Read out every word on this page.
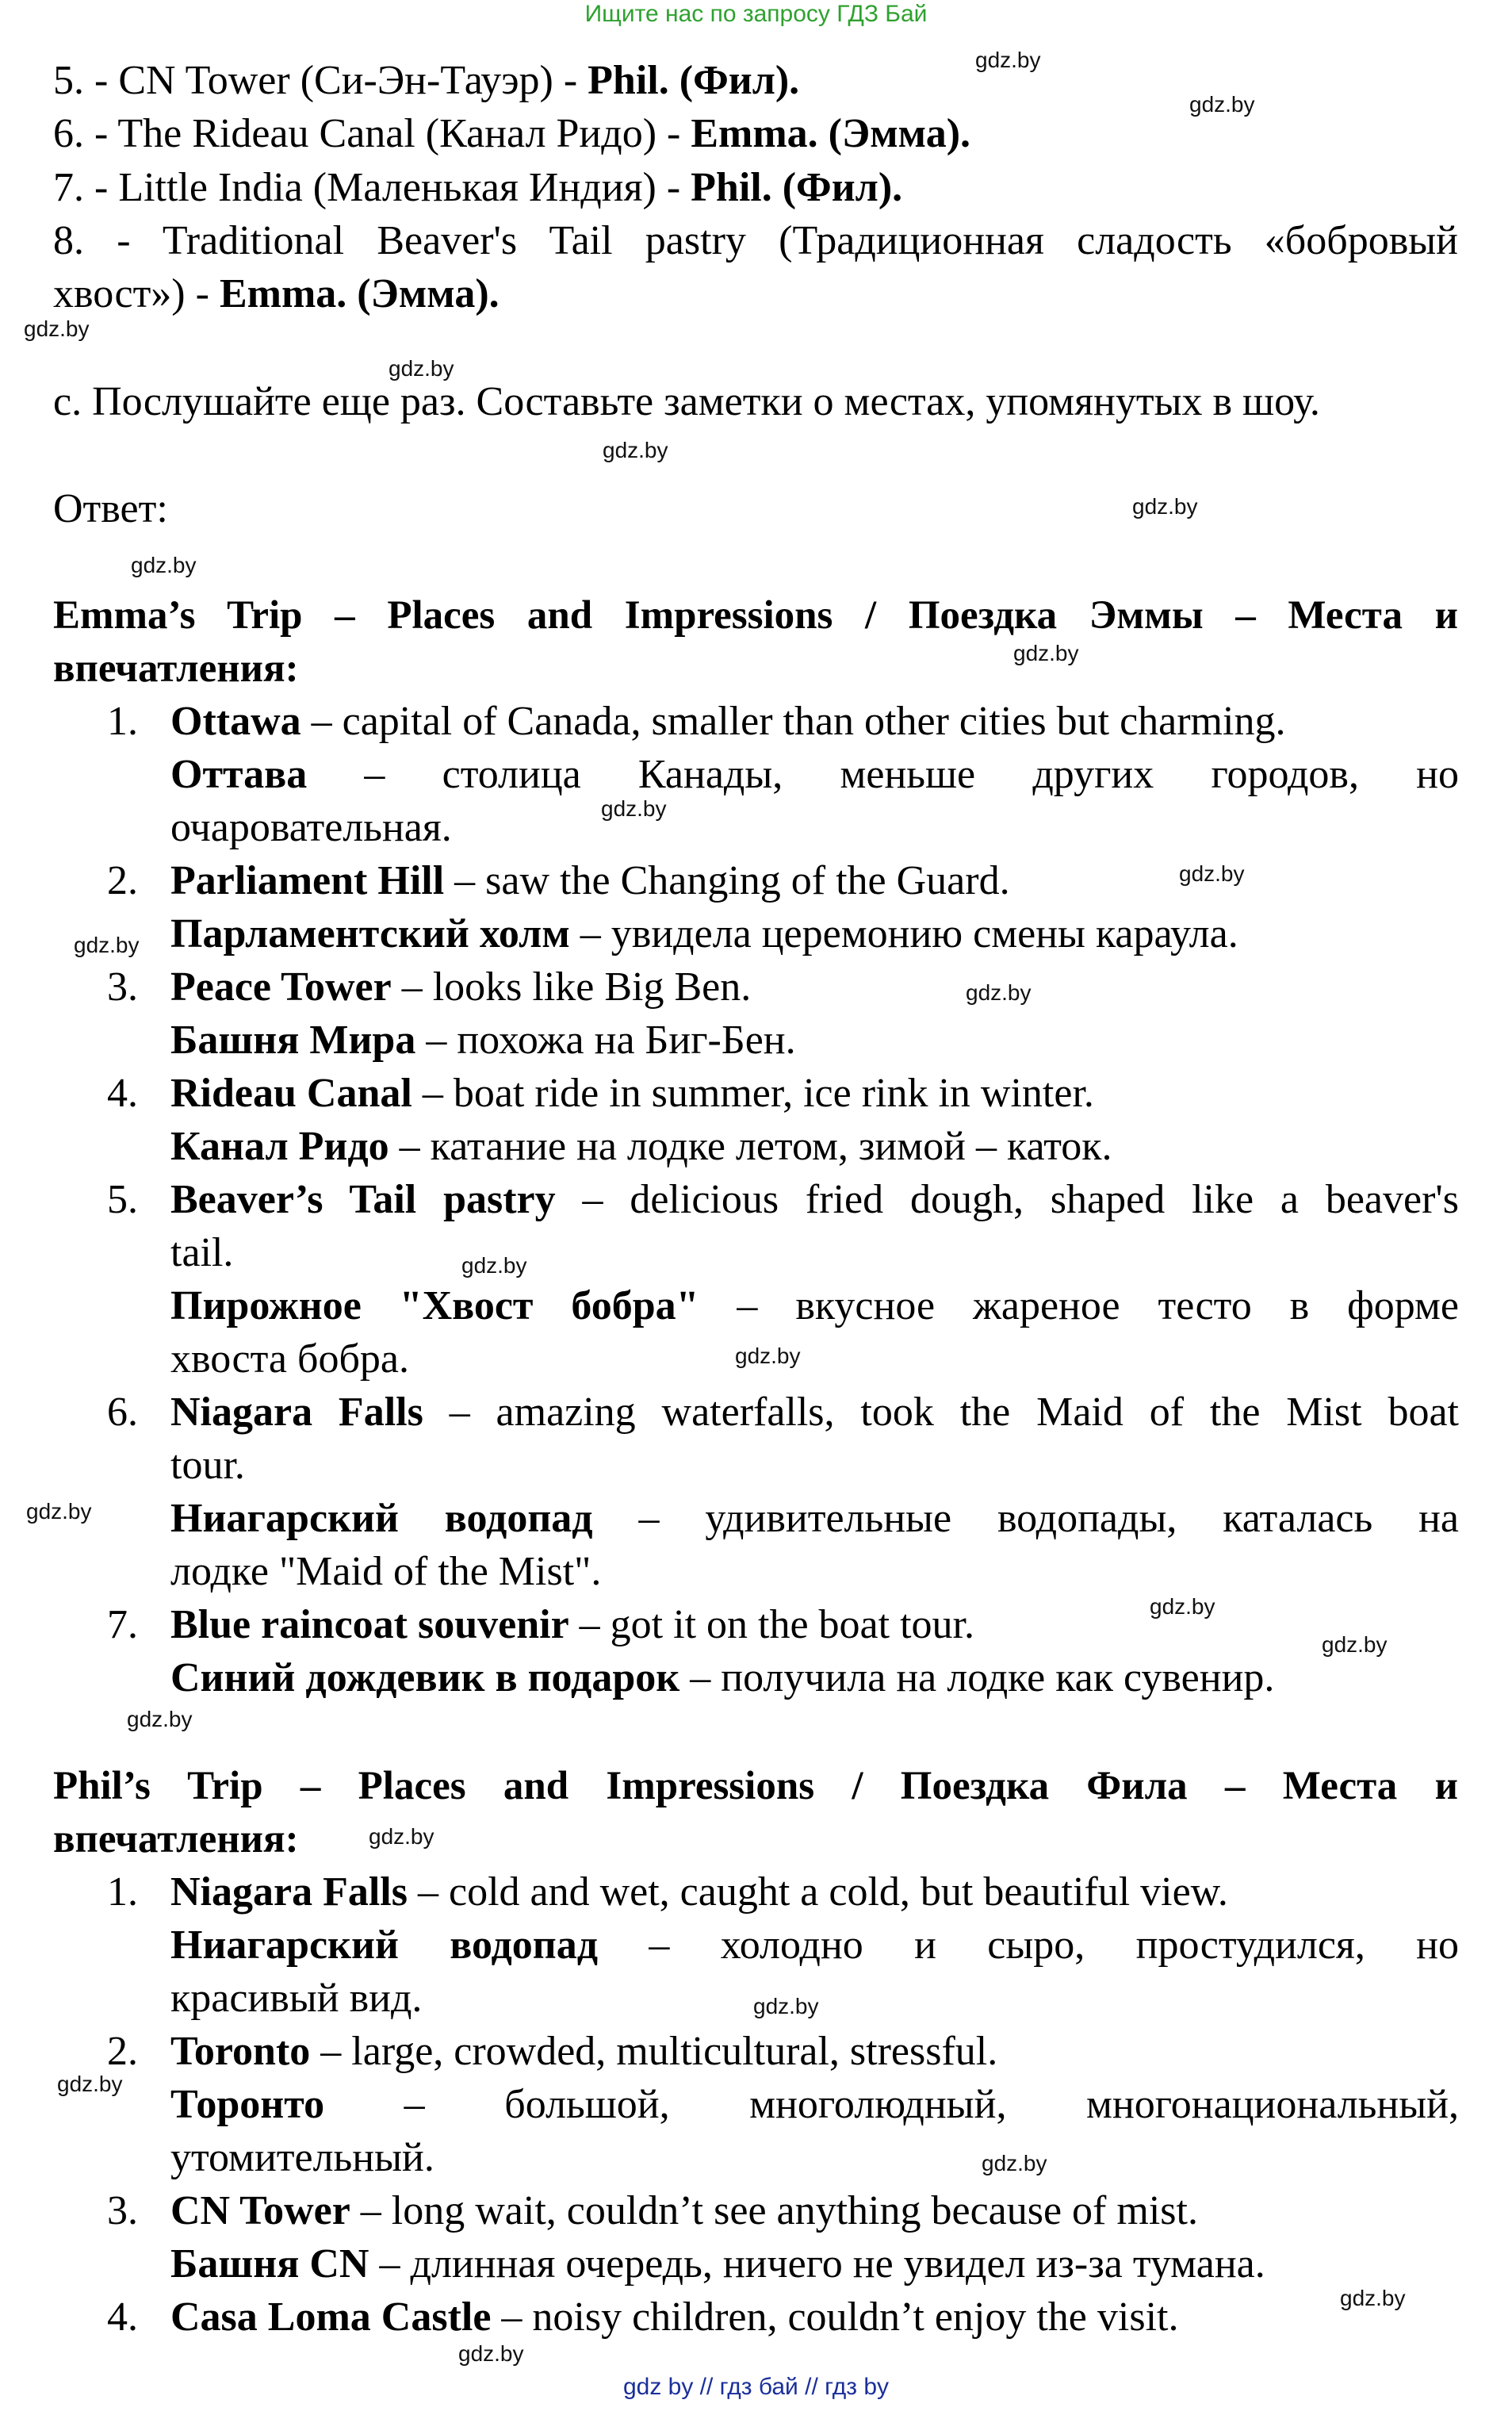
Ищите нас по запросу ГДЗ Бай
5. - CN Tower (Си-Эн-Тауэр) - Phil. (Фил).
6. - The Rideau Canal (Канал Ридо) - Emma. (Эмма).
7. - Little India (Маленькая Индия) - Phil. (Фил).
8. - Traditional Beaver's Tail pastry (Традиционная сладость «бобровый
хвост») - Emma. (Эмма).
с. Послушайте еще раз. Составьте заметки о местах, упомянутых в шоу.
Ответ:
Emma’s Trip – Places and Impressions / Поездка Эммы – Места и
впечатления:
1. Ottawa – capital of Canada, smaller than other cities but charming.
Оттава – столица Канады, меньше других городов, но
очаровательная.
2. Parliament Hill – saw the Changing of the Guard.
Парламентский холм – увидела церемонию смены караула.
3. Peace Tower – looks like Big Ben.
Башня Мира – похожа на Биг-Бен.
4. Rideau Canal – boat ride in summer, ice rink in winter.
Канал Ридо – катание на лодке летом, зимой – каток.
5. Beaver’s Tail pastry – delicious fried dough, shaped like a beaver's
tail.
Пирожное "Хвост бобра" – вкусное жареное тесто в форме
хвоста бобра.
6. Niagara Falls – amazing waterfalls, took the Maid of the Mist boat
tour.
Ниагарский водопад – удивительные водопады, каталась на
лодке "Maid of the Mist".
7. Blue raincoat souvenir – got it on the boat tour.
Синий дождевик в подарок – получила на лодке как сувенир.
Phil’s Trip – Places and Impressions / Поездка Фила – Места и
впечатления:
1. Niagara Falls – cold and wet, caught a cold, but beautiful view.
Ниагарский водопад – холодно и сыро, простудился, но
красивый вид.
2. Toronto – large, crowded, multicultural, stressful.
Торонто – большой, многолюдный, многонациональный,
утомительный.
3. CN Tower – long wait, couldn’t see anything because of mist.
Башня CN – длинная очередь, ничего не увидел из-за тумана.
4. Casa Loma Castle – noisy children, couldn’t enjoy the visit.
gdz.by
gdz.by
gdz.by
gdz.by
gdz.by
gdz.by
gdz.by
gdz.by
gdz.by
gdz.by
gdz.by
gdz.by
gdz.by
gdz.by
gdz.by
gdz.by
gdz.by
gdz.by
gdz.by
gdz.by
gdz.by
gdz.by
gdz.by
gdz.by
gdz by // гдз бай // гдз by
